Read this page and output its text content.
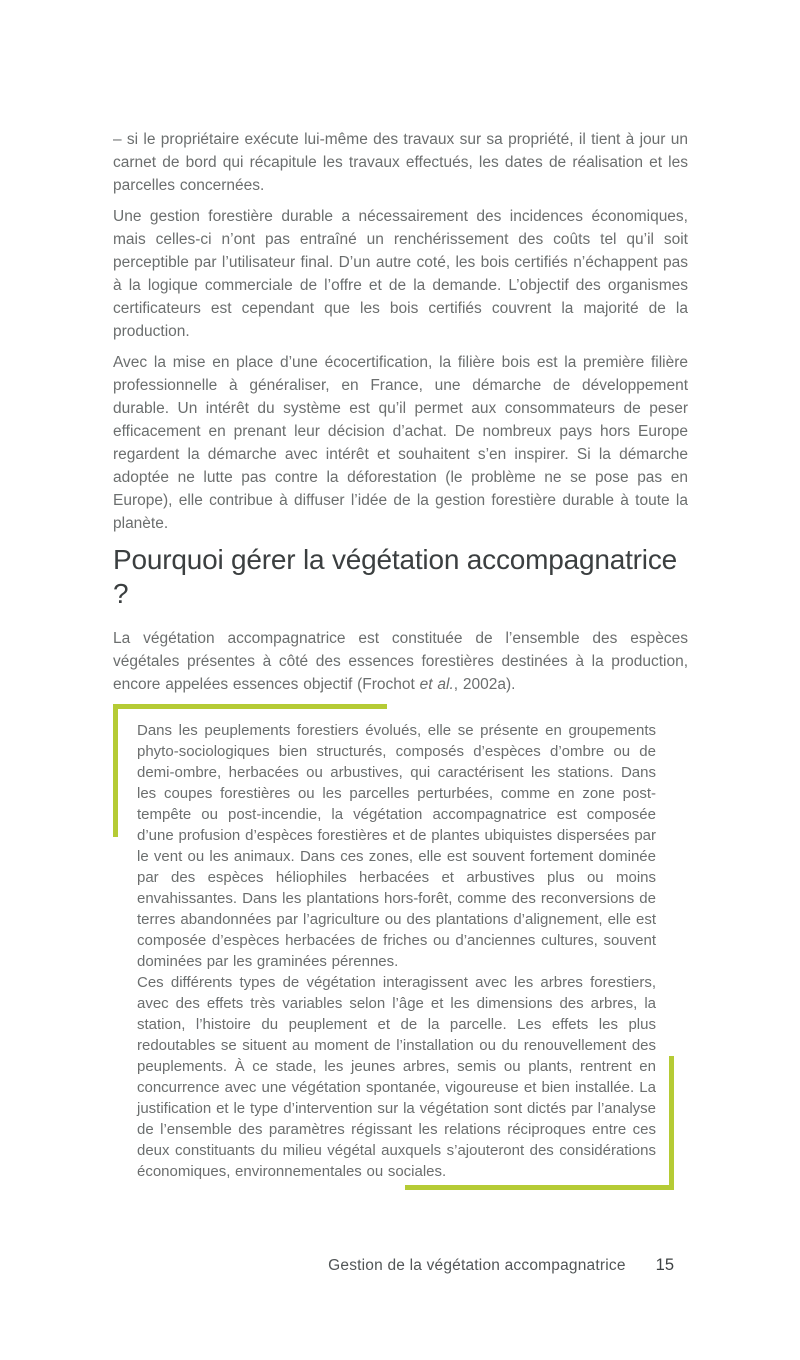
– si le propriétaire exécute lui-même des travaux sur sa propriété, il tient à jour un carnet de bord qui récapitule les travaux effectués, les dates de réalisation et les parcelles concernées.

Une gestion forestière durable a nécessairement des incidences économiques, mais celles-ci n’ont pas entraîné un renchérissement des coûts tel qu’il soit perceptible par l’utilisateur final. D’un autre coté, les bois certifiés n’échappent pas à la logique commerciale de l’offre et de la demande. L’objectif des organismes certificateurs est cependant que les bois certifiés couvrent la majorité de la production.

Avec la mise en place d’une écocertification, la filière bois est la première filière professionnelle à généraliser, en France, une démarche de développement durable. Un intérêt du système est qu’il permet aux consommateurs de peser efficacement en prenant leur décision d’achat. De nombreux pays hors Europe regardent la démarche avec intérêt et souhaitent s’en inspirer. Si la démarche adoptée ne lutte pas contre la déforestation (le problème ne se pose pas en Europe), elle contribue à diffuser l’idée de la gestion forestière durable à toute la planète.

Pourquoi gérer la végétation accompagnatrice ?

La végétation accompagnatrice est constituée de l’ensemble des espèces végétales présentes à côté des essences forestières destinées à la production, encore appelées essences objectif (Frochot et al., 2002a).

Dans les peuplements forestiers évolués, elle se présente en groupements phyto-sociologiques bien structurés, composés d’espèces d’ombre ou de demi-ombre, herbacées ou arbustives, qui caractérisent les stations. Dans les coupes forestières ou les parcelles perturbées, comme en zone post-tempête ou post-incendie, la végétation accompagnatrice est composée d’une profusion d’espèces forestières et de plantes ubiquistes dispersées par le vent ou les animaux. Dans ces zones, elle est souvent fortement dominée par des espèces héliophiles herbacées et arbustives plus ou moins envahissantes. Dans les plantations hors-forêt, comme des reconversions de terres abandonnées par l’agriculture ou des plantations d’alignement, elle est composée d’espèces herbacées de friches ou d’anciennes cultures, souvent dominées par les graminées pérennes.

Ces différents types de végétation interagissent avec les arbres forestiers, avec des effets très variables selon l’âge et les dimensions des arbres, la station, l’histoire du peuplement et de la parcelle. Les effets les plus redoutables se situent au moment de l’installation ou du renouvellement des peuplements. À ce stade, les jeunes arbres, semis ou plants, rentrent en concurrence avec une végétation spontanée, vigoureuse et bien installée. La justification et le type d’intervention sur la végétation sont dictés par l’analyse de l’ensemble des paramètres régissant les relations réciproques entre ces deux constituants du milieu végétal auxquels s’ajouteront des considérations économiques, environnementales ou sociales.

Gestion de la végétation accompagnatrice 15
